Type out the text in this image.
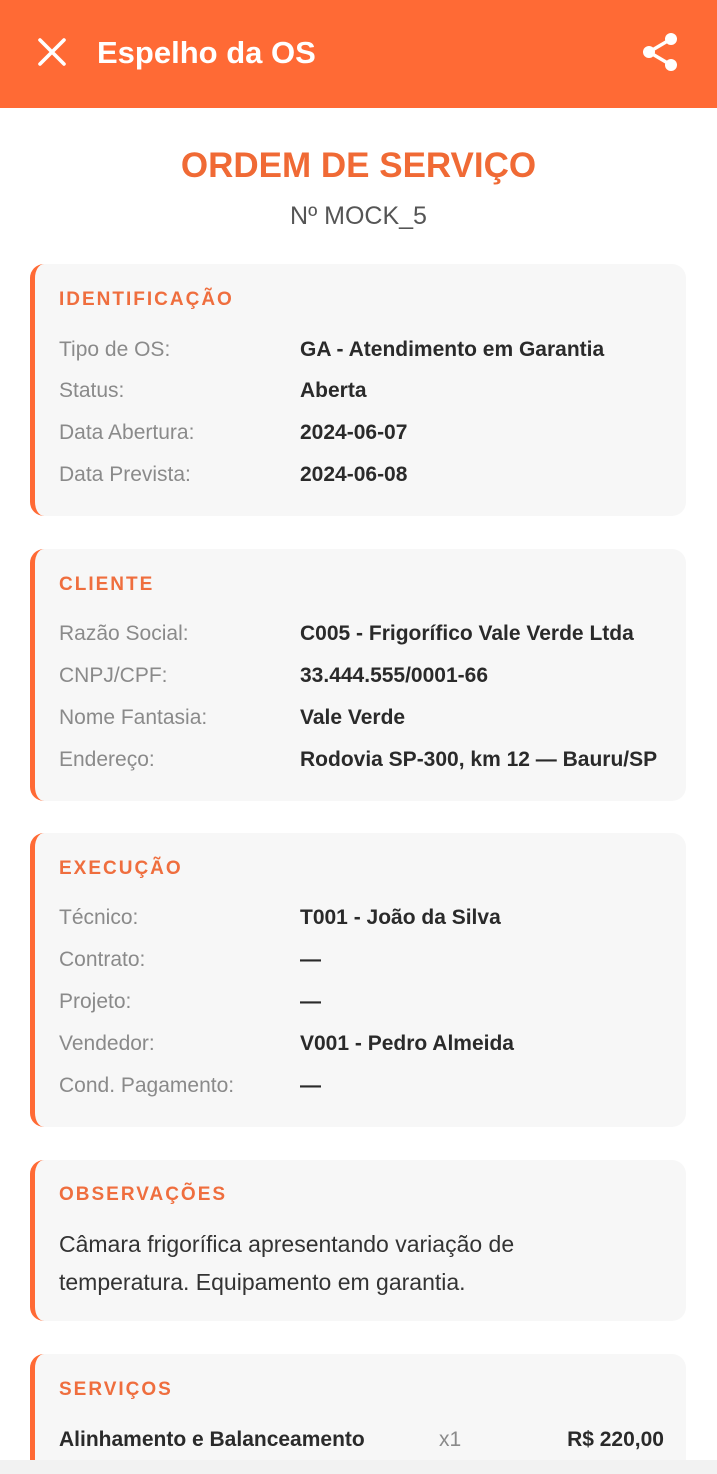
Espelho da OS
ORDEM DE SERVIÇO
Nº MOCK_5
IDENTIFICAÇÃO
Tipo de OS:	GA - Atendimento em Garantia
Status:	Aberta
Data Abertura:	2024-06-07
Data Prevista:	2024-06-08
CLIENTE
Razão Social:	C005 - Frigorífico Vale Verde Ltda
CNPJ/CPF:	33.444.555/0001-66
Nome Fantasia:	Vale Verde
Endereço:	Rodovia SP-300, km 12 — Bauru/SP
EXECUÇÃO
Técnico:	T001 - João da Silva
Contrato:	—
Projeto:	—
Vendedor:	V001 - Pedro Almeida
Cond. Pagamento:	—
OBSERVAÇÕES
Câmara frigorífica apresentando variação de
temperatura. Equipamento em garantia.
SERVIÇOS
Alinhamento e Balanceamento	x1	R$ 220,00
